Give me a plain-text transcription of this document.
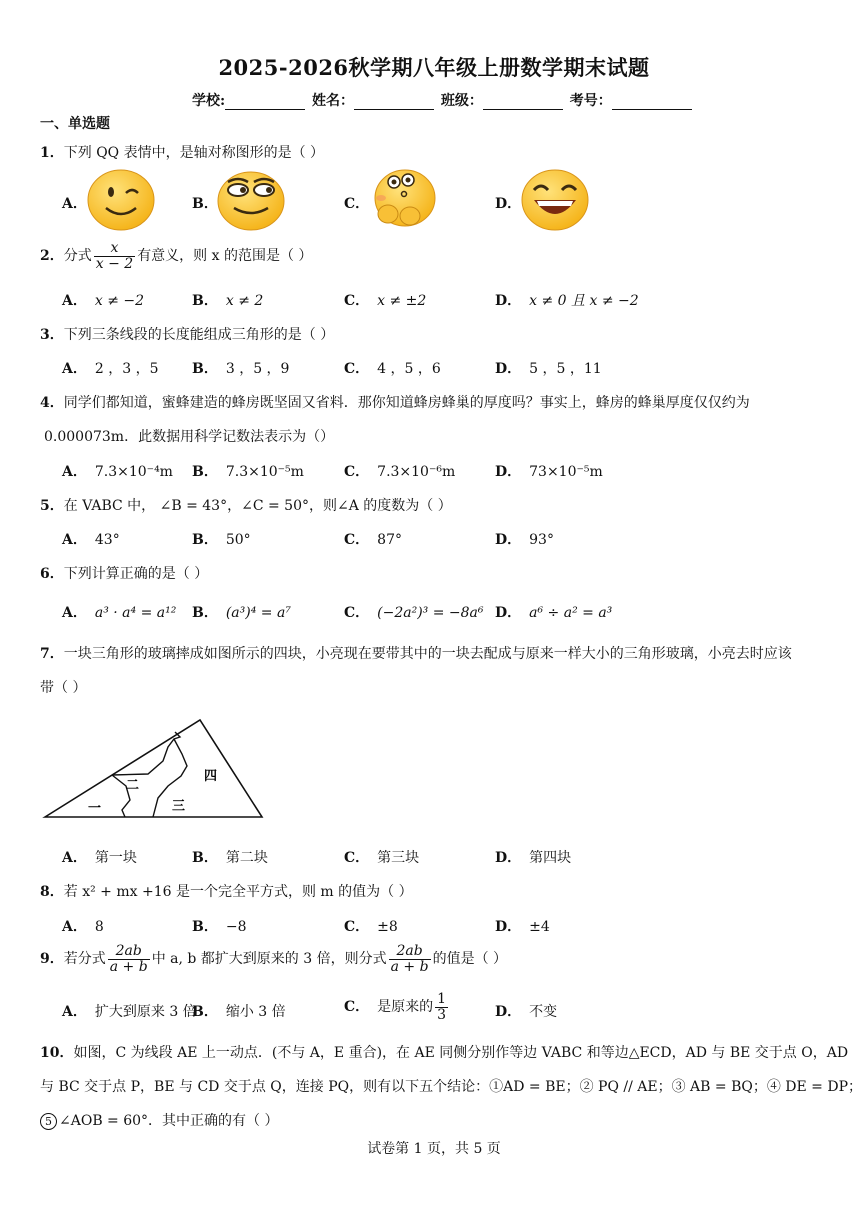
2025-2026秋学期八年级上册数学期末试题
学校:	姓名：	班级：	考号：
一、单选题
1．下列 QQ 表情中，是轴对称图形的是（ ）
A．	B．	C．	D．
2．分式 $\frac{x}{x - 2}$ 有意义，则 x 的范围是（ ）
A． x ≠ −2	B． x ≠ 2	C． x ≠ ±2	D． x ≠ 0 且 x ≠ −2
3．下列三条线段的长度能组成三角形的是（ ）
A． 2 ，3 ，5 B． 3 ，5 ，9	C． 4 ，5 ，6	D． 5 ，5 ，11
4．同学们都知道，蜜蜂建造的蜂房既坚固又省料．那你知道蜂房蜂巢的厚度吗？事实上，蜂房的蜂巢厚度仅仅约为
0.000073m．此数据用科学记数法表示为（）
A． 7.3×10⁻⁴m B． 7.3×10⁻⁵m	C． 7.3×10⁻⁶m	D． 73×10⁻⁵m
5．在 VABC 中， ∠B = 43°，∠C = 50°，则∠A 的度数为（ ）
A． 43°	B． 50°	C． 87°	D． 93°
6．下列计算正确的是（ ）
A． a³ · a⁴ = a¹² B． (a³)⁴ = a⁷	C． (−2a²)³ = −8a⁶ D． a⁶ ÷ a² = a³
7．一块三角形的玻璃摔成如图所示的四块，小亮现在要带其中的一块去配成与原来一样大小的三角形玻璃，小亮去时应该
带（ ）
一
二
三
四
A． 第一块	B． 第二块	C． 第三块	D． 第四块
8．若 x² + mx +16 是一个完全平方式，则 m 的值为（ ）
A． 8	B． −8	C． ±8	D． ±4
9．若分式 $\frac{2ab}{a + b}$ 中 a, b 都扩大到原来的 3 倍，则分式 $\frac{2ab}{a + b}$ 的值是（ ）
A． 扩大到原来 3 倍
B． 缩小 3 倍	C． 是原来的 $\frac{1}{3}$	D． 不变
10．如图，C 为线段 AE 上一动点．(不与 A，E 重合)，在 AE 同侧分别作等边 VABC 和等边△ECD，AD 与 BE 交于点 O，AD
与 BC 交于点 P，BE 与 CD 交于点 Q，连接 PQ，则有以下五个结论：①AD = BE；② PQ // AE；③ AB = BQ；④ DE = DP；
5 ∠AOB = 60°．其中正确的有（ ）
试卷第 1 页，共 5 页
